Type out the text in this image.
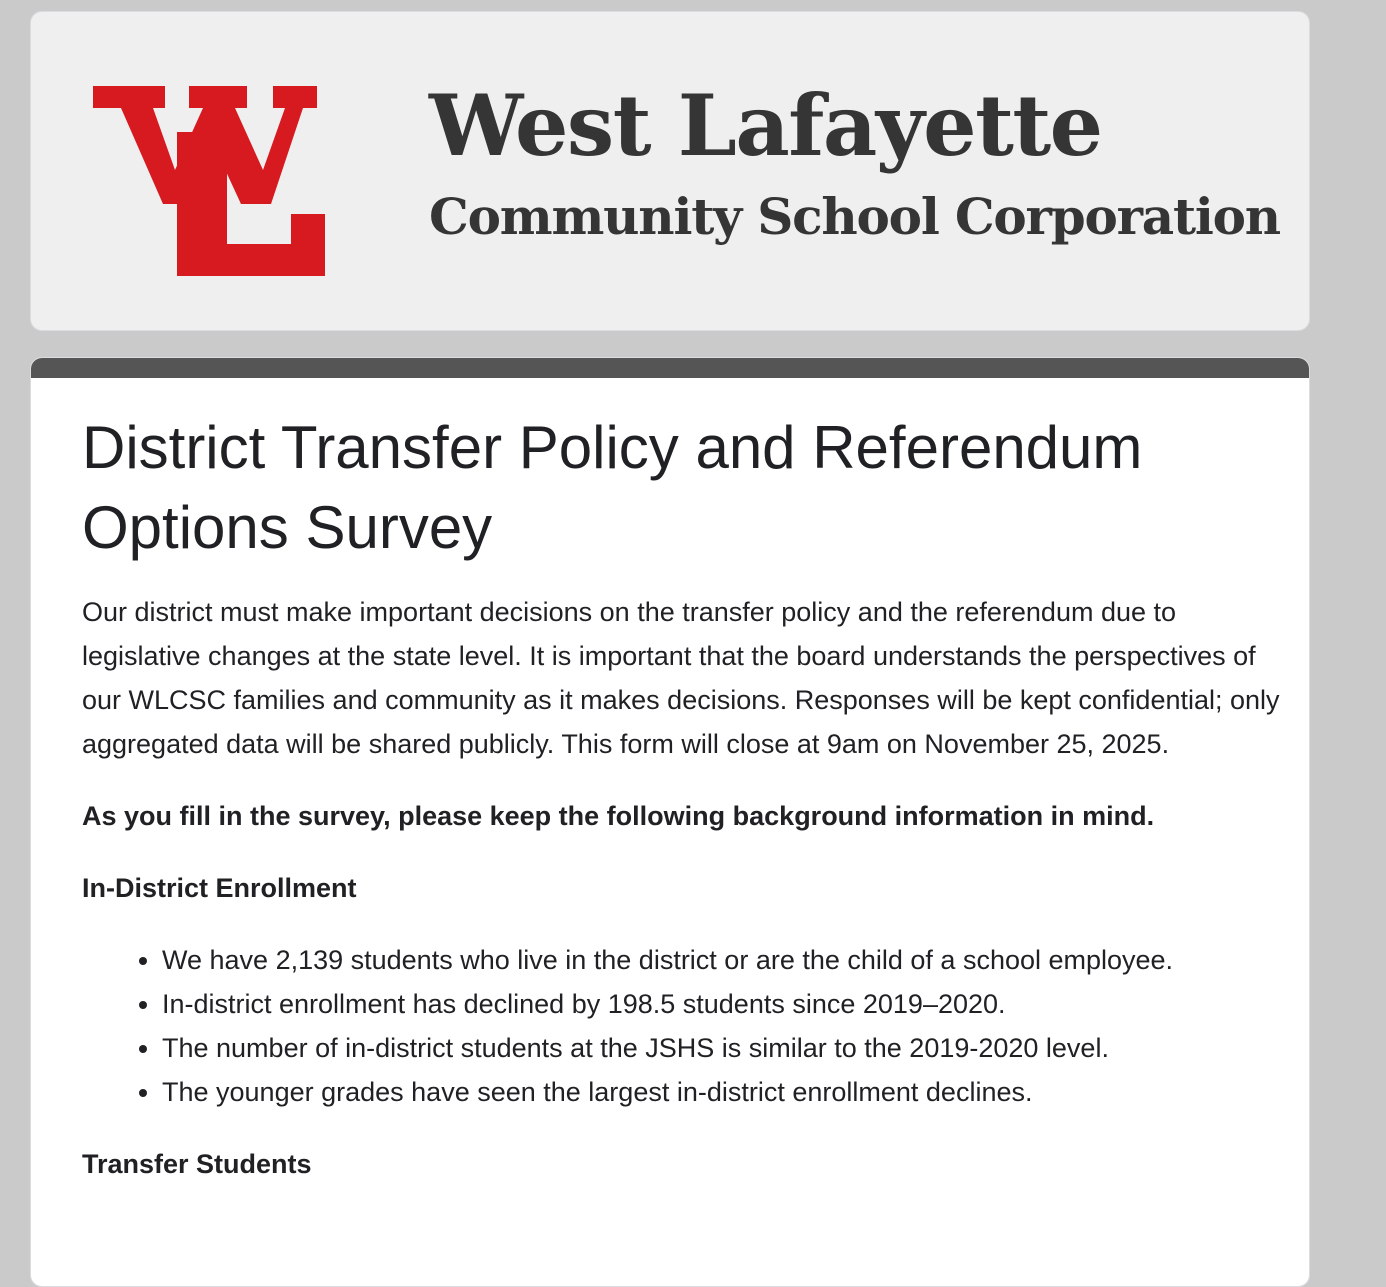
West Lafayette
Community School Corporation
District Transfer Policy and Referendum Options Survey

Our district must make important decisions on the transfer policy and the referendum due to legislative changes at the state level. It is important that the board understands the perspectives of our WLCSC families and community as it makes decisions. Responses will be kept confidential; only aggregated data will be shared publicly. This form will close at 9am on November 25, 2025.

As you fill in the survey, please keep the following background information in mind.

In-District Enrollment

• We have 2,139 students who live in the district or are the child of a school employee.
• In-district enrollment has declined by 198.5 students since 2019–2020.
• The number of in-district students at the JSHS is similar to the 2019-2020 level.
• The younger grades have seen the largest in-district enrollment declines.

Transfer Students
